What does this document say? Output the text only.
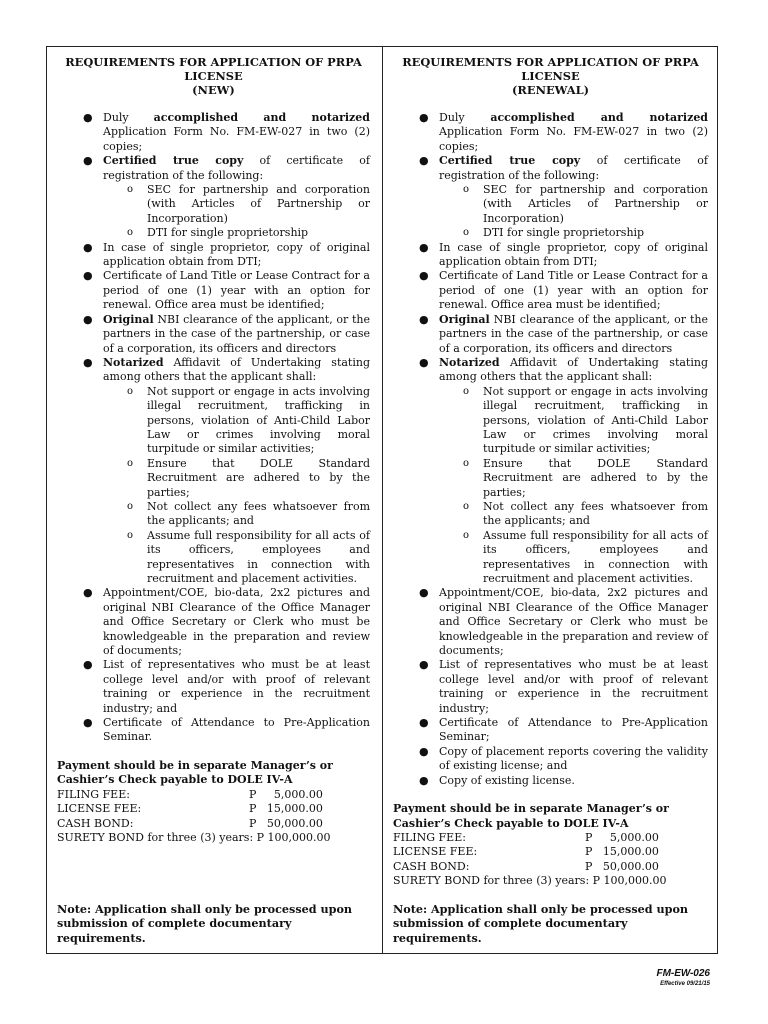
REQUIREMENTS FOR APPLICATION OF PRPA LICENSE
(NEW)
● Duly accomplished and notarized Application Form No. FM-EW-027 in two (2) copies;
● Certified true copy of certificate of registration of the following:
o SEC for partnership and corporation (with Articles of Partnership or Incorporation)
o DTI for single proprietorship
● In case of single proprietor, copy of original application obtain from DTI;
● Certificate of Land Title or Lease Contract for a period of one (1) year with an option for renewal. Office area must be identified;
● Original NBI clearance of the applicant, or the partners in the case of the partnership, or case of a corporation, its officers and directors
● Notarized Affidavit of Undertaking stating among others that the applicant shall:
o Not support or engage in acts involving illegal recruitment, trafficking in persons, violation of Anti-Child Labor Law or crimes involving moral turpitude or similar activities;
o Ensure that DOLE Standard Recruitment are adhered to by the parties;
o Not collect any fees whatsoever from the applicants; and
o Assume full responsibility for all acts of its officers, employees and representatives in connection with recruitment and placement activities.
● Appointment/COE, bio-data, 2x2 pictures and original NBI Clearance of the Office Manager and Office Secretary or Clerk who must be knowledgeable in the preparation and review of documents;
● List of representatives who must be at least college level and/or with proof of relevant training or experience in the recruitment industry; and
● Certificate of Attendance to Pre-Application Seminar.
Payment should be in separate Manager’s or
Cashier’s Check payable to DOLE IV-A
FILING FEE:	P     5,000.00
LICENSE FEE:	P   15,000.00
CASH BOND:	P   50,000.00
SURETY BOND for three (3) years: P 100,000.00
Note: Application shall only be processed upon
submission of complete documentary requirements.
REQUIREMENTS FOR APPLICATION OF PRPA LICENSE
(RENEWAL)
● Duly accomplished and notarized Application Form No. FM-EW-027 in two (2) copies;
● Certified true copy of certificate of registration of the following:
o SEC for partnership and corporation (with Articles of Partnership or Incorporation)
o DTI for single proprietorship
● In case of single proprietor, copy of original application obtain from DTI;
● Certificate of Land Title or Lease Contract for a period of one (1) year with an option for renewal. Office area must be identified;
● Original NBI clearance of the applicant, or the partners in the case of the partnership, or case of a corporation, its officers and directors
● Notarized Affidavit of Undertaking stating among others that the applicant shall:
o Not support or engage in acts involving illegal recruitment, trafficking in persons, violation of Anti-Child Labor Law or crimes involving moral turpitude or similar activities;
o Ensure that DOLE Standard Recruitment are adhered to by the parties;
o Not collect any fees whatsoever from the applicants; and
o Assume full responsibility for all acts of its officers, employees and representatives in connection with recruitment and placement activities.
● Appointment/COE, bio-data, 2x2 pictures and original NBI Clearance of the Office Manager and Office Secretary or Clerk who must be knowledgeable in the preparation and review of documents;
● List of representatives who must be at least college level and/or with proof of relevant training or experience in the recruitment industry;
● Certificate of Attendance to Pre-Application Seminar;
● Copy of placement reports covering the validity of existing license; and
● Copy of existing license.
Payment should be in separate Manager’s or
Cashier’s Check payable to DOLE IV-A
FILING FEE:	P     5,000.00
LICENSE FEE:	P   15,000.00
CASH BOND:	P   50,000.00
SURETY BOND for three (3) years: P 100,000.00
Note: Application shall only be processed upon
submission of complete documentary requirements.
FM-EW-026
Effective 09/21/15
